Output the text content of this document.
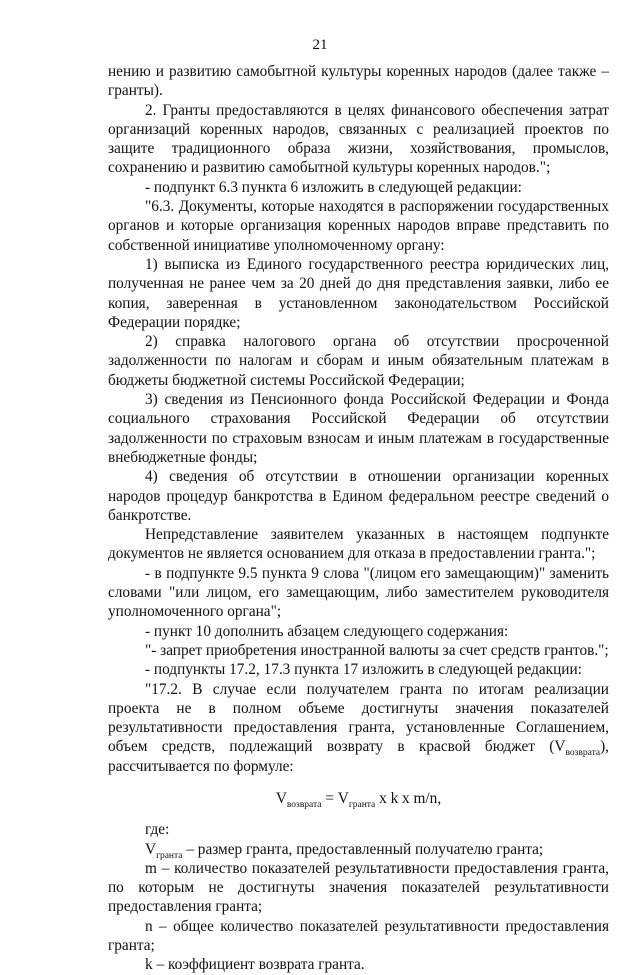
21

нению и развитию самобытной культуры коренных народов (далее также – гранты).

2. Гранты предоставляются в целях финансового обеспечения затрат организаций коренных народов, связанных с реализацией проектов по защите традиционного образа жизни, хозяйствования, промыслов, сохранению и развитию самобытной культуры коренных народов.";

- подпункт 6.3 пункта 6 изложить в следующей редакции:

"6.3. Документы, которые находятся в распоряжении государственных органов и которые организация коренных народов вправе представить по собственной инициативе уполномоченному органу:

1) выписка из Единого государственного реестра юридических лиц, полученная не ранее чем за 20 дней до дня представления заявки, либо ее копия, заверенная в установленном законодательством Российской Федерации порядке;

2) справка налогового органа об отсутствии просроченной задолженности по налогам и сборам и иным обязательным платежам в бюджеты бюджетной системы Российской Федерации;

3) сведения из Пенсионного фонда Российской Федерации и Фонда социального страхования Российской Федерации об отсутствии задолженности по страховым взносам и иным платежам в государственные внебюджетные фонды;

4) сведения об отсутствии в отношении организации коренных народов процедур банкротства в Едином федеральном реестре сведений о банкротстве.

Непредставление заявителем указанных в настоящем подпункте документов не является основанием для отказа в предоставлении гранта.";

- в подпункте 9.5 пункта 9 слова "(лицом его замещающим)" заменить словами "или лицом, его замещающим, либо заместителем руководителя уполномоченного органа";

- пункт 10 дополнить абзацем следующего содержания:

"- запрет приобретения иностранной валюты за счет средств грантов.";

- подпункты 17.2, 17.3 пункта 17 изложить в следующей редакции:

"17.2. В случае если получателем гранта по итогам реализации проекта не в полном объеме достигнуты значения показателей результативности предоставления гранта, установленные Соглашением, объем средств, подлежащий возврату в красвой бюджет $(V_{возврата})$, рассчитывается по формуле:

$V_{возврата} = V_{гранта}$ x k x m/n,

где:

$V_{гранта}$ – размер гранта, предоставленный получателю гранта;

m – количество показателей результативности предоставления гранта, по которым не достигнуты значения показателей результативности предоставления гранта;

n – общее количество показателей результативности предоставления гранта;

k – коэффициент возврата гранта.
